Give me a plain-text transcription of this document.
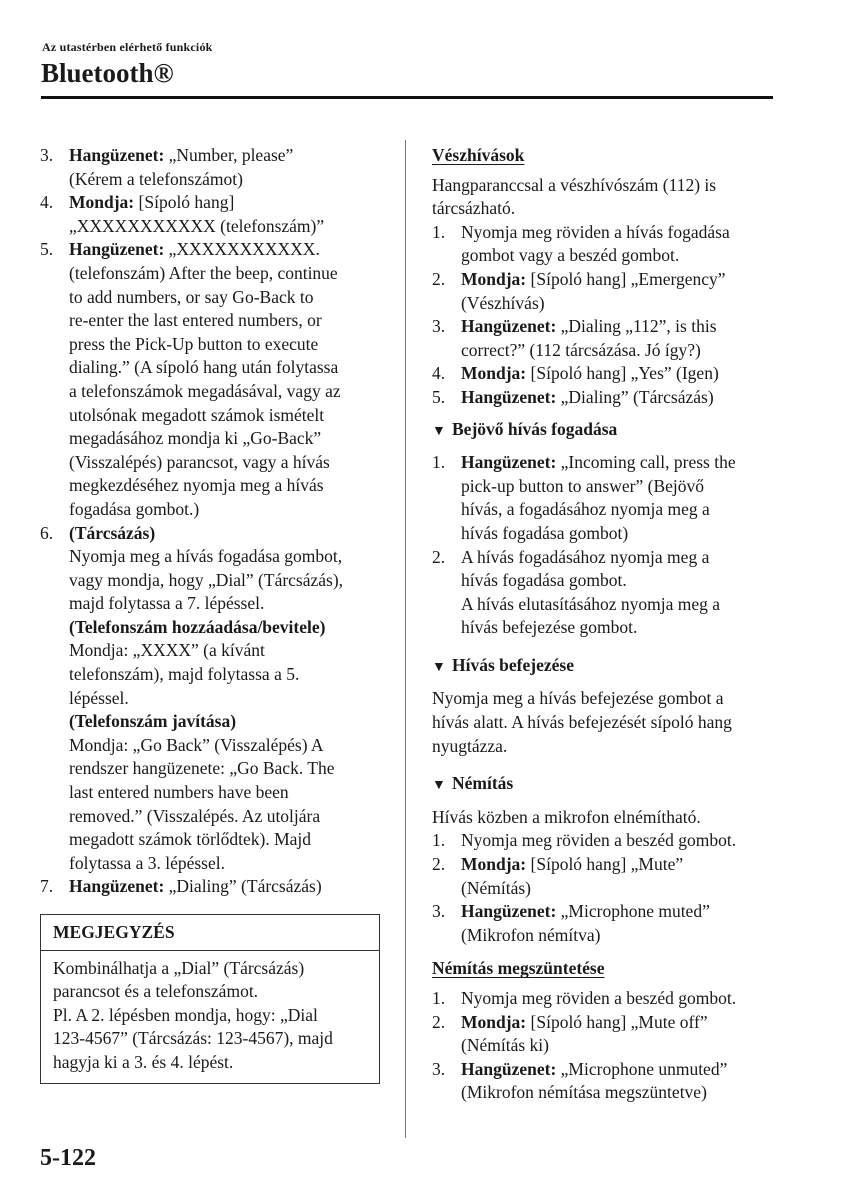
Az utastérben elérhető funkciók
Bluetooth®
3. Hangüzenet: „Number, please”
(Kérem a telefonszámot)
4. Mondja: [Sípoló hang]
„XXXXXXXXXXX (telefonszám)”
5. Hangüzenet: „XXXXXXXXXXX.
(telefonszám) After the beep, continue
to add numbers, or say Go-Back to
re-enter the last entered numbers, or
press the Pick-Up button to execute
dialing.” (A sípoló hang után folytassa
a telefonszámok megadásával, vagy az
utolsónak megadott számok ismételt
megadásához mondja ki „Go-Back”
(Visszalépés) parancsot, vagy a hívás
megkezdéséhez nyomja meg a hívás
fogadása gombot.)
6. (Tárcsázás)
Nyomja meg a hívás fogadása gombot,
vagy mondja, hogy „Dial” (Tárcsázás),
majd folytassa a 7. lépéssel.
(Telefonszám hozzáadása/bevitele)
Mondja: „XXXX” (a kívánt
telefonszám), majd folytassa a 5.
lépéssel.
(Telefonszám javítása)
Mondja: „Go Back” (Visszalépés) A
rendszer hangüzenete: „Go Back. The
last entered numbers have been
removed.” (Visszalépés. Az utoljára
megadott számok törlődtek). Majd
folytassa a 3. lépéssel.
7. Hangüzenet: „Dialing” (Tárcsázás)
MEGJEGYZÉS
Kombinálhatja a „Dial” (Tárcsázás)
parancsot és a telefonszámot.
Pl. A 2. lépésben mondja, hogy: „Dial
123-4567” (Tárcsázás: 123-4567), majd
hagyja ki a 3. és 4. lépést.
Vészhívások
Hangparanccsal a vészhívószám (112) is
tárcsázható.
1. Nyomja meg röviden a hívás fogadása
gombot vagy a beszéd gombot.
2. Mondja: [Sípoló hang] „Emergency”
(Vészhívás)
3. Hangüzenet: „Dialing „112”, is this
correct?” (112 tárcsázása. Jó így?)
4. Mondja: [Sípoló hang] „Yes” (Igen)
5. Hangüzenet: „Dialing” (Tárcsázás)
▼ Bejövő hívás fogadása
1. Hangüzenet: „Incoming call, press the
pick-up button to answer” (Bejövő
hívás, a fogadásához nyomja meg a
hívás fogadása gombot)
2. A hívás fogadásához nyomja meg a
hívás fogadása gombot.
A hívás elutasításához nyomja meg a
hívás befejezése gombot.
▼ Hívás befejezése
Nyomja meg a hívás befejezése gombot a
hívás alatt. A hívás befejezését sípoló hang
nyugtázza.
▼ Némítás
Hívás közben a mikrofon elnémítható.
1. Nyomja meg röviden a beszéd gombot.
2. Mondja: [Sípoló hang] „Mute”
(Némítás)
3. Hangüzenet: „Microphone muted”
(Mikrofon némítva)
Némítás megszüntetése
1. Nyomja meg röviden a beszéd gombot.
2. Mondja: [Sípoló hang] „Mute off”
(Némítás ki)
3. Hangüzenet: „Microphone unmuted”
(Mikrofon némítása megszüntetve)
5-122
